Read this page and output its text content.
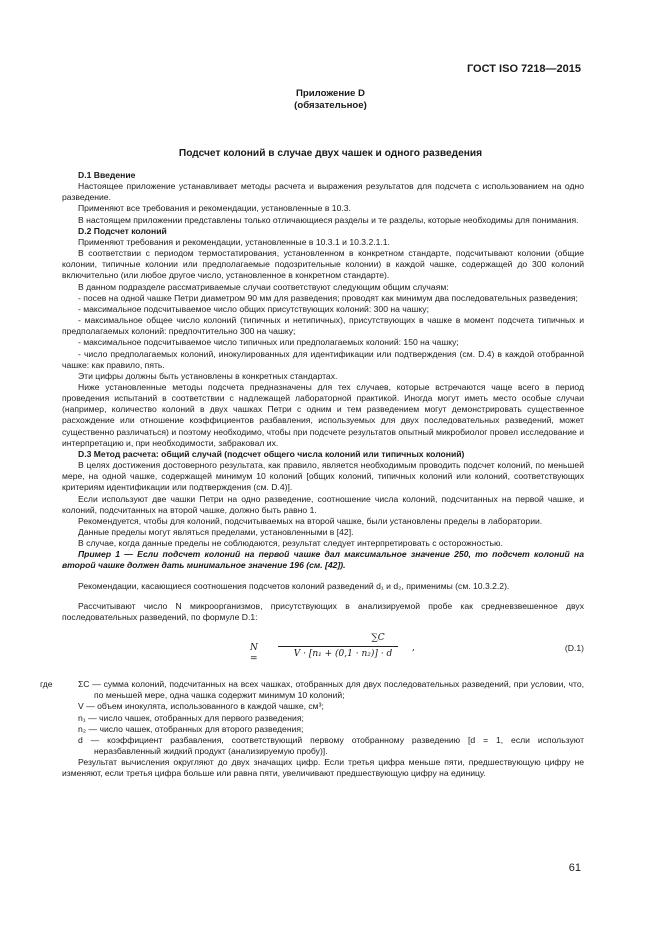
ГОСТ ISO 7218—2015
Приложение D
(обязательное)
Подсчет колоний в случае двух чашек и одного разведения

D.1 Введение

Настоящее приложение устанавливает методы расчета и выражения результатов для подсчета с использованием на одно разведение.

Применяют все требования и рекомендации, установленные в 10.3.

В настоящем приложении представлены только отличающиеся разделы и те разделы, которые необходимы для понимания.

D.2 Подсчет колоний

Применяют требования и рекомендации, установленные в 10.3.1 и 10.3.2.1.1.

В соответствии с периодом термостатирования, установленном в конкретном стандарте, подсчитывают колонии (общие колонии, типичные колонии или предполагаемые подозрительные колонии) в каждой чашке, содержащей до 300 колоний включительно (или любое другое число, установленное в конкретном стандарте).

В данном подразделе рассматриваемые случаи соответствуют следующим общим случаям:

- посев на одной чашке Петри диаметром 90 мм для разведения; проводят как минимум два последовательных разведения;

- максимальное подсчитываемое число общих присутствующих колоний: 300 на чашку;

- максимальное общее число колоний (типичных и нетипичных), присутствующих в чашке в момент подсчета типичных и предполагаемых колоний: предпочтительно 300 на чашку;

- максимальное подсчитываемое число типичных или предполагаемых колоний: 150 на чашку;

- число предполагаемых колоний, инокулированных для идентификации или подтверждения (см. D.4) в каждой отобранной чашке: как правило, пять.

Эти цифры должны быть установлены в конкретных стандартах.

Ниже установленные методы подсчета предназначены для тех случаев, которые встречаются чаще всего в период проведения испытаний в соответствии с надлежащей лабораторной практикой. Иногда могут иметь место особые случаи (например, количество колоний в двух чашках Петри с одним и тем разведением могут демонстрировать существенное расхождение или отношение коэффициентов разбавления, используемых для двух последовательных разведений, может существенно различаться) и поэтому необходимо, чтобы при подсчете результатов опытный микробиолог провел исследование и интерпретацию и, при необходимости, забраковал их.

D.3 Метод расчета: общий случай (подсчет общего числа колоний или типичных колоний)

В целях достижения достоверного результата, как правило, является необходимым проводить подсчет колоний, по меньшей мере, на одной чашке, содержащей минимум 10 колоний [общих колоний, типичных колоний или колоний, соответствующих критериям идентификации или подтверждения (см. D.4)].

Если используют две чашки Петри на одно разведение, соотношение числа колоний, подсчитанных на первой чашке, и колоний, подсчитанных на второй чашке, должно быть равно 1.

Рекомендуется, чтобы для колоний, подсчитываемых на второй чашке, были установлены пределы в лаборатории.

Данные пределы могут являться пределами, установленными в [42].

В случае, когда данные пределы не соблюдаются, результат следует интерпретировать с осторожностью.

Пример 1 — Если подсчет колоний на первой чашке дал максимальное значение 250, то подсчет колоний на второй чашке должен дать минимальное значение 196 (см. [42]).

Рекомендации, касающиеся соотношения подсчетов колоний разведений d₁ и d₂, применимы (см. 10.3.2.2).

Рассчитывают число N микроорганизмов, присутствующих в анализируемой пробе как средневзвешенное двух последовательных разведений, по формуле D.1:

N =
∑C
V · [n₁ + (0,1 · n₂)] · d
,	(D.1)
где	ΣC — сумма колоний, подсчитанных на всех чашках, отобранных для двух последовательных разведений, при условии, что, по меньшей мере, одна чашка содержит минимум 10 колоний;

V — объем инокулята, использованного в каждой чашке, см³;

n₁ — число чашек, отобранных для первого разведения;

n₂ — число чашек, отобранных для второго разведения;

d — коэффициент разбавления, соответствующий первому отобранному разведению [d = 1, если используют неразбавленный жидкий продукт (анализируемую пробу)].

Результат вычисления округляют до двух значащих цифр. Если третья цифра меньше пяти, предшествующую цифру не изменяют, если третья цифра больше или равна пяти, увеличивают предшествующую цифру на единицу.

61
